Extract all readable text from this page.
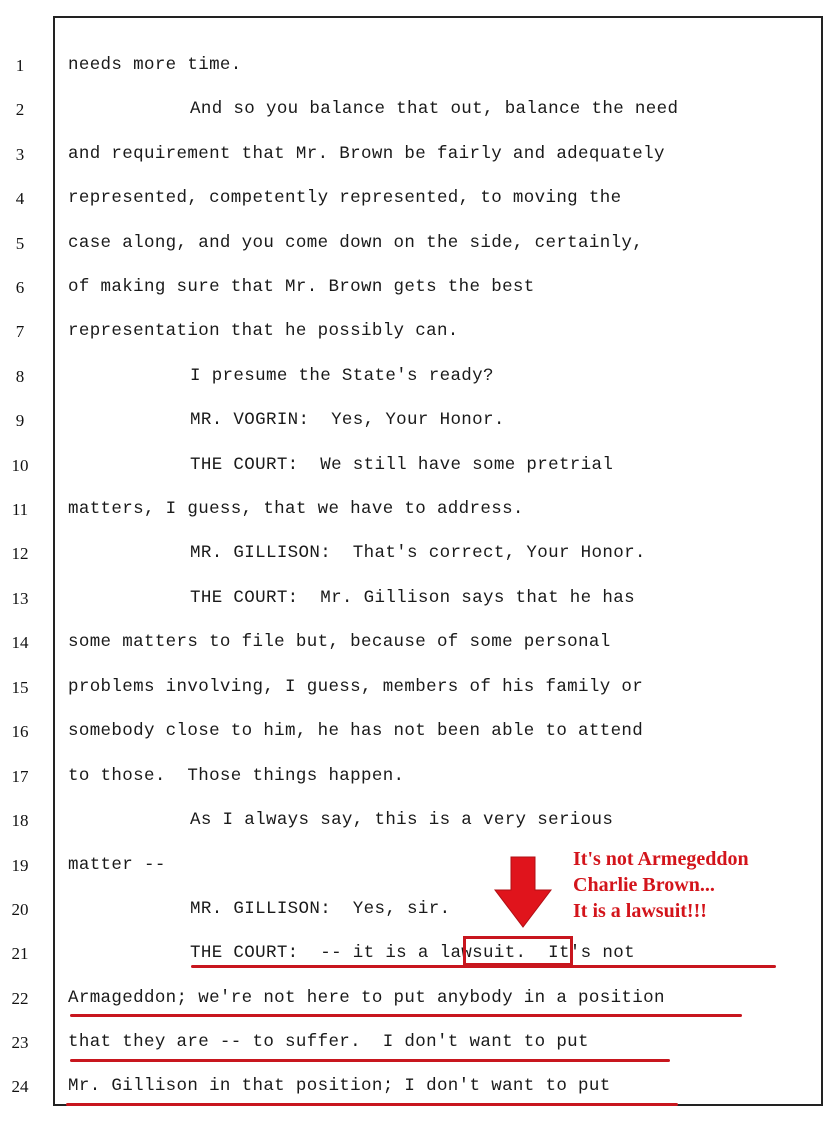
1
2
3
4
5
6
7
8
9
10
11
12
13
14
15
16
17
18
19
20
21
22
23
24
needs more time.
And so you balance that out, balance the need
and requirement that Mr. Brown be fairly and adequately
represented, competently represented, to moving the
case along, and you come down on the side, certainly,
of making sure that Mr. Brown gets the best
representation that he possibly can.
I presume the State's ready?
MR. VOGRIN:  Yes, Your Honor.
THE COURT:  We still have some pretrial
matters, I guess, that we have to address.
MR. GILLISON:  That's correct, Your Honor.
THE COURT:  Mr. Gillison says that he has
some matters to file but, because of some personal
problems involving, I guess, members of his family or
somebody close to him, he has not been able to attend
to those.  Those things happen.
As I always say, this is a very serious
matter --
MR. GILLISON:  Yes, sir.
THE COURT:  -- it is a lawsuit.  It's not
Armageddon; we're not here to put anybody in a position
that they are -- to suffer.  I don't want to put
Mr. Gillison in that position; I don't want to put
It's not Armegeddon
Charlie Brown...
It is a lawsuit!!!
